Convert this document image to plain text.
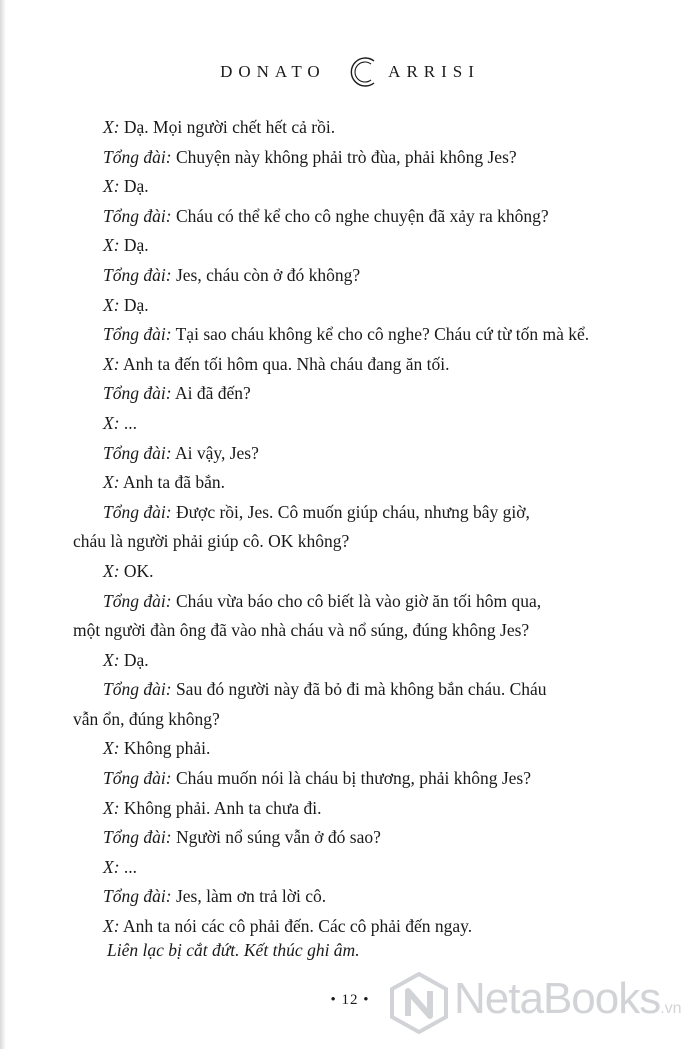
DONATO	ARRISI
X: Dạ. Mọi người chết hết cả rồi.
Tổng đài: Chuyện này không phải trò đùa, phải không Jes?
X: Dạ.
Tổng đài: Cháu có thể kể cho cô nghe chuyện đã xảy ra không?
X: Dạ.
Tổng đài: Jes, cháu còn ở đó không?
X: Dạ.
Tổng đài: Tại sao cháu không kể cho cô nghe? Cháu cứ từ tốn mà kể.
X: Anh ta đến tối hôm qua. Nhà cháu đang ăn tối.
Tổng đài: Ai đã đến?
X: ...
Tổng đài: Ai vậy, Jes?
X: Anh ta đã bắn.
Tổng đài: Được rồi, Jes. Cô muốn giúp cháu, nhưng bây giờ,
cháu là người phải giúp cô. OK không?
X: OK.
Tổng đài: Cháu vừa báo cho cô biết là vào giờ ăn tối hôm qua,
một người đàn ông đã vào nhà cháu và nổ súng, đúng không Jes?
X: Dạ.
Tổng đài: Sau đó người này đã bỏ đi mà không bắn cháu. Cháu
vẫn ổn, đúng không?
X: Không phải.
Tổng đài: Cháu muốn nói là cháu bị thương, phải không Jes?
X: Không phải. Anh ta chưa đi.
Tổng đài: Người nổ súng vẫn ở đó sao?
X: ...
Tổng đài: Jes, làm ơn trả lời cô.
X: Anh ta nói các cô phải đến. Các cô phải đến ngay.
Liên lạc bị cắt đứt. Kết thúc ghi âm.
• 12 •	NetaBooks.vn
